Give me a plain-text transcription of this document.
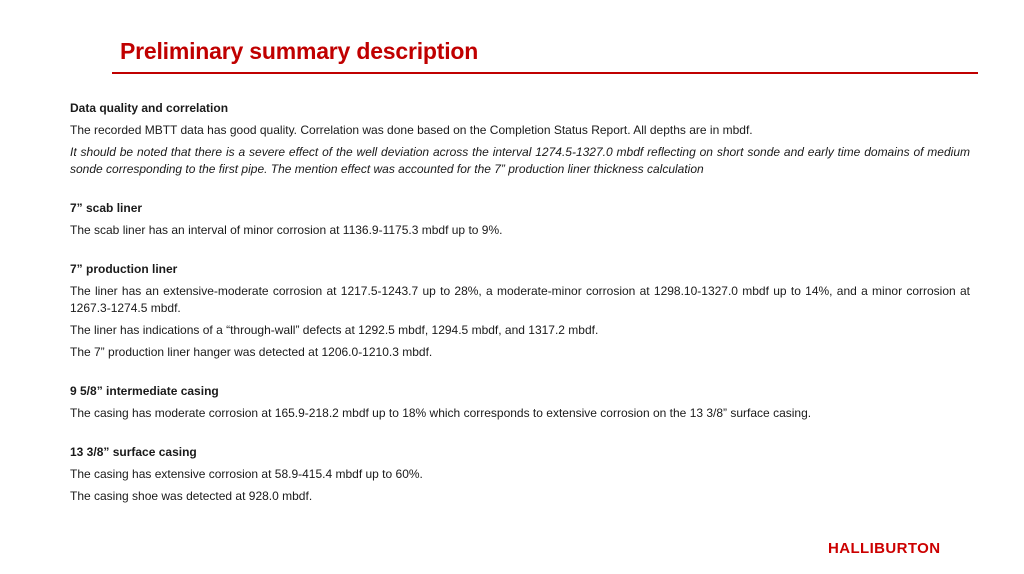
Preliminary summary description
Data quality and correlation
The recorded MBTT data has good quality. Correlation was done based on the Completion Status Report. All depths are in mbdf.
It should be noted that there is a severe effect of the well deviation across the interval 1274.5-1327.0 mbdf reflecting on short sonde and early time domains of medium sonde corresponding to the first pipe. The mention effect was accounted for the 7” production liner thickness calculation
7” scab liner
The scab liner has an interval of minor corrosion at 1136.9-1175.3 mbdf up to 9%.
7” production liner
The liner has an extensive-moderate corrosion at 1217.5-1243.7 up to 28%, a moderate-minor corrosion at 1298.10-1327.0 mbdf up to 14%, and a minor corrosion at 1267.3-1274.5 mbdf.
The liner has indications of a “through-wall” defects at 1292.5 mbdf, 1294.5 mbdf, and 1317.2 mbdf.
The 7” production liner hanger was detected at 1206.0-1210.3 mbdf.
9 5/8” intermediate casing
The casing has moderate corrosion at 165.9-218.2 mbdf up to 18% which corresponds to extensive corrosion on the 13 3/8” surface casing.
13 3/8” surface casing
The casing has extensive corrosion at 58.9-415.4 mbdf up to 60%.
The casing shoe was detected at 928.0 mbdf.
HALLIBURTON
